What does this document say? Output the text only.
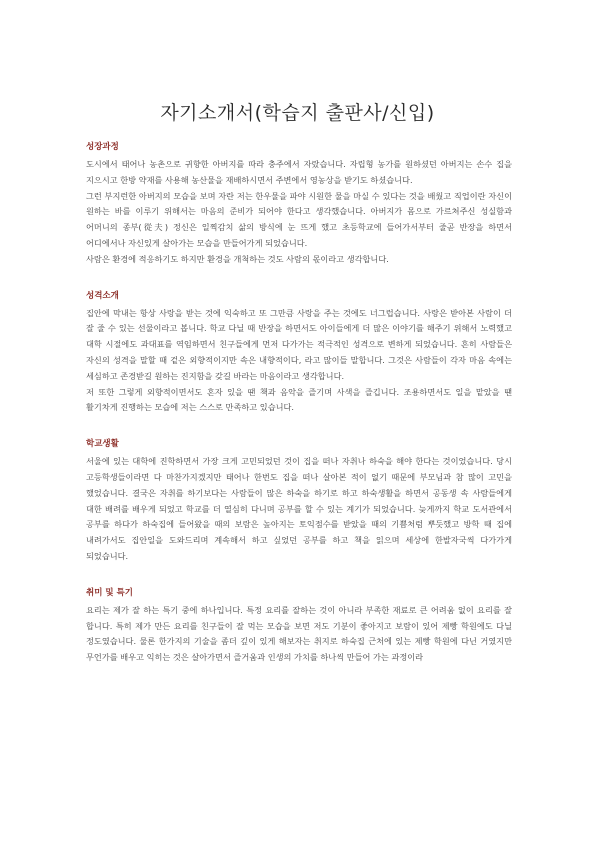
자기소개서(학습지 출판사/신입)

성장과정

도시에서 태어나 농촌으로 귀향한 아버지를 따라 충주에서 자랐습니다. 자립형 농가를 원하셨던 아버지는 손수 집을 지으시고 한방 약재를 사용해 농산물을 재배하시면서 주변에서 영농상을 받기도 하셨습니다.

그런 부지런한 아버지의 모습을 보며 자란 저는 한우물을 파야 시원한 물을 마실 수 있다는 것을 배웠고 직업이란 자신이 원하는 바를 이루기 위해서는 마음의 준비가 되어야 한다고 생각했습니다. 아버지가 몸으로 가르쳐주신 성실함과 어머니의 종부(從夫) 정신은 일찍감치 삶의 방식에 눈 뜨게 했고 초등학교에 들어가서부터 줄곧 반장을 하면서 어디에서나 자신있게 살아가는 모습을 만들어가게 되었습니다.

사람은 환경에 적응하기도 하지만 환경을 개척하는 것도 사람의 몫이라고 생각합니다.

성격소개

집안에 막내는 항상 사랑을 받는 것에 익숙하고 또 그만큼 사랑을 주는 것에도 너그럽습니다. 사랑은 받아본 사람이 더 잘 줄 수 있는 선물이라고 봅니다. 학교 다닐 때 반장을 하면서도 아이들에게 더 많은 이야기를 해주기 위해서 노력했고 대학 시절에도 과대표를 역임하면서 친구들에게 먼저 다가가는 적극적인 성격으로 변하게 되었습니다. 흔히 사람들은 자신의 성격을 말할 때 겉은 외향적이지만 속은 내향적이다, 라고 많이들 말합니다. 그것은 사람들이 각자 마음 속에는 세심하고 존경받길 원하는 진지함을 갖길 바라는 마음이라고 생각합니다.

저 또한 그렇게 외향적이면서도 혼자 있을 땐 책과 음악을 즐기며 사색을 즐깁니다. 조용하면서도 일을 맡았을 땐 활기차게 진행하는 모습에 저는 스스로 만족하고 있습니다.

학교생활

서울에 있는 대학에 진학하면서 가장 크게 고민되었던 것이 집을 떠나 자취나 하숙을 해야 한다는 것이었습니다. 당시 고등학생들이라면 다 마찬가지겠지만 태어나 한번도 집을 떠나 살아본 적이 없기 때문에 부모님과 참 많이 고민을 했었습니다. 결국은 자취를 하기보다는 사람들이 많은 하숙을 하기로 하고 하숙생활을 하면서 공동생 속 사람들에게 대한 배려를 배우게 되었고 학교를 더 열심히 다니며 공부를 할 수 있는 계기가 되었습니다. 늦게까지 학교 도서관에서 공부를 하다가 하숙집에 들어왔을 때의 보람은 높아지는 토익점수를 받았을 때의 기쁨처럼 뿌듯했고 방학 때 집에 내려가서도 집안일을 도와드리며 계속해서 하고 싶었던 공부를 하고 책을 읽으며 세상에 한발자국씩 다가가게 되었습니다.

취미 및 특기

요리는 제가 잘 하는 특기 중에 하나입니다. 특정 요리를 잘하는 것이 아니라 부족한 재료로 큰 어려움 없이 요리를 잘 합니다. 특히 제가 만든 요리를 친구들이 잘 먹는 모습을 보면 저도 기분이 좋아지고 보람이 있어 제빵 학원에도 다닐 정도였습니다. 물론 한가지의 기술을 좀더 깊이 있게 해보자는 취지로 하숙집 근처에 있는 제빵 학원에 다닌 거였지만 무언가를 배우고 익히는 것은 살아가면서 즐거움과 인생의 가치를 하나씩 만들어 가는 과정이라
